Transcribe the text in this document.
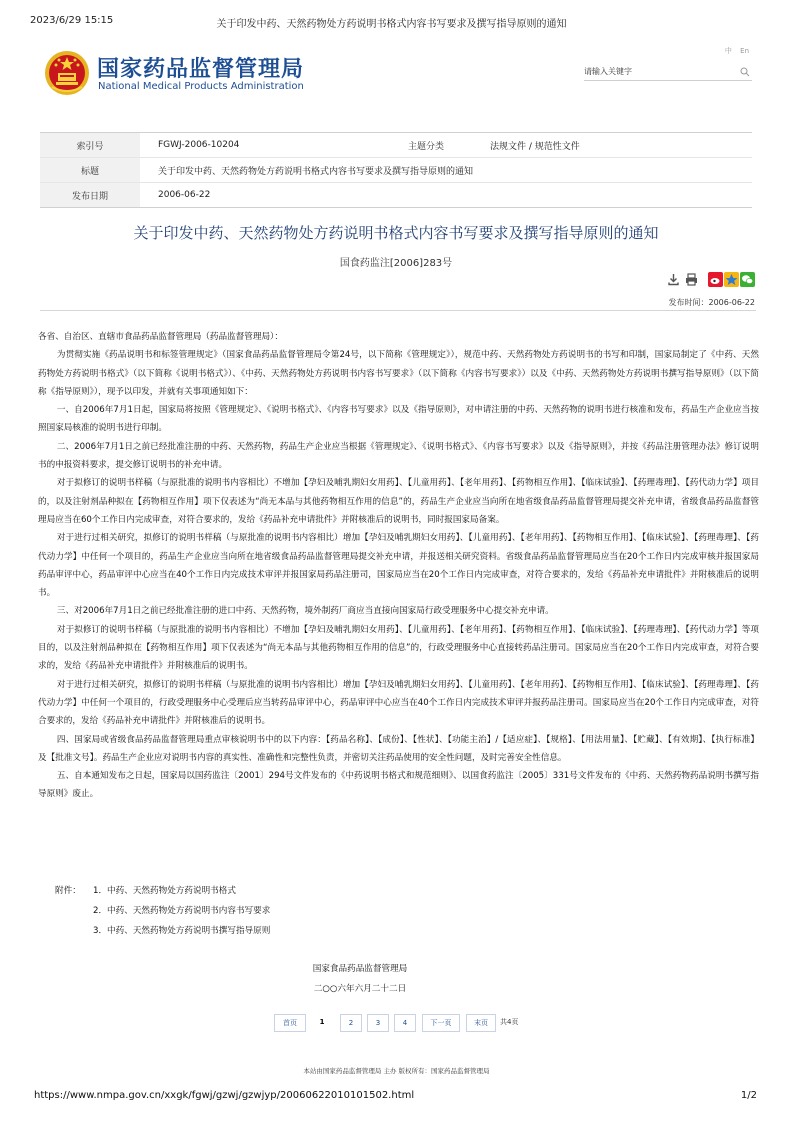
2023/6/29 15:15	关于印发中药、天然药物处方药说明书格式内容书写要求及撰写指导原则的通知
国家药品监督管理局
National Medical Products Administration
中 En
请输入关键字
索引号	FGWJ-2006-10204	主题分类	法规文件 / 规范性文件
标题	关于印发中药、天然药物处方药说明书格式内容书写要求及撰写指导原则的通知		
发布日期	2006-06-22		
关于印发中药、天然药物处方药说明书格式内容书写要求及撰写指导原则的通知
国食药监注[2006]283号
发布时间：2006-06-22

各省、自治区、直辖市食品药品监督管理局（药品监督管理局）：

为贯彻实施《药品说明书和标签管理规定》（国家食品药品监督管理局令第24号，以下简称《管理规定》），规范中药、天然药物处方药说明书的书写和印制，国家局制定了《中药、天然药物处方药说明书格式》（以下简称《说明书格式》）、《中药、天然药物处方药说明书内容书写要求》（以下简称《内容书写要求》）以及《中药、天然药物处方药说明书撰写指导原则》（以下简称《指导原则》），现予以印发，并就有关事项通知如下：

一、自2006年7月1日起，国家局将按照《管理规定》、《说明书格式》、《内容书写要求》以及《指导原则》，对申请注册的中药、天然药物的说明书进行核准和发布，药品生产企业应当按照国家局核准的说明书进行印制。

二、2006年7月1日之前已经批准注册的中药、天然药物，药品生产企业应当根据《管理规定》、《说明书格式》、《内容书写要求》以及《指导原则》，并按《药品注册管理办法》修订说明书的申报资料要求，提交修订说明书的补充申请。

对于拟修订的说明书样稿（与原批准的说明书内容相比）不增加【孕妇及哺乳期妇女用药】、【儿童用药】、【老年用药】、【药物相互作用】、【临床试验】、【药理毒理】、【药代动力学】项目的，以及注射剂品种拟在【药物相互作用】项下仅表述为“尚无本品与其他药物相互作用的信息”的，药品生产企业应当向所在地省级食品药品监督管理局提交补充申请，省级食品药品监督管理局应当在60个工作日内完成审查，对符合要求的，发给《药品补充申请批件》并附核准后的说明书，同时报国家局备案。

对于进行过相关研究，拟修订的说明书样稿（与原批准的说明书内容相比）增加【孕妇及哺乳期妇女用药】、【儿童用药】、【老年用药】、【药物相互作用】、【临床试验】、【药理毒理】、【药代动力学】中任何一个项目的，药品生产企业应当向所在地省级食品药品监督管理局提交补充申请，并报送相关研究资料。省级食品药品监督管理局应当在20个工作日内完成审核并报国家局药品审评中心，药品审评中心应当在40个工作日内完成技术审评并报国家局药品注册司，国家局应当在20个工作日内完成审查，对符合要求的，发给《药品补充申请批件》并附核准后的说明书。

三、对2006年7月1日之前已经批准注册的进口中药、天然药物，境外制药厂商应当直接向国家局行政受理服务中心提交补充申请。

对于拟修订的说明书样稿（与原批准的说明书内容相比）不增加【孕妇及哺乳期妇女用药】、【儿童用药】、【老年用药】、【药物相互作用】、【临床试验】、【药理毒理】、【药代动力学】等项目的，以及注射剂品种拟在【药物相互作用】项下仅表述为“尚无本品与其他药物相互作用的信息”的，行政受理服务中心直接转药品注册司。国家局应当在20个工作日内完成审查，对符合要求的，发给《药品补充申请批件》并附核准后的说明书。

对于进行过相关研究，拟修订的说明书样稿（与原批准的说明书内容相比）增加【孕妇及哺乳期妇女用药】、【儿童用药】、【老年用药】、【药物相互作用】、【临床试验】、【药理毒理】、【药代动力学】中任何一个项目的，行政受理服务中心受理后应当转药品审评中心，药品审评中心应当在40个工作日内完成技术审评并报药品注册司。国家局应当在20个工作日内完成审查，对符合要求的，发给《药品补充申请批件》并附核准后的说明书。

四、国家局或省级食品药品监督管理局重点审核说明书中的以下内容：【药品名称】、【成份】、【性状】、【功能主治】/【适应症】、【规格】、【用法用量】、【贮藏】、【有效期】、【执行标准】及【批准文号】。药品生产企业应对说明书内容的真实性、准确性和完整性负责，并密切关注药品使用的安全性问题，及时完善安全性信息。

五、自本通知发布之日起，国家局以国药监注〔2001〕294号文件发布的《中药说明书格式和规范细则》、以国食药监注〔2005〕331号文件发布的《中药、天然药物药品说明书撰写指导原则》废止。

附件： 1．中药、天然药物处方药说明书格式
2．中药、天然药物处方药说明书内容书写要求
3．中药、天然药物处方药说明书撰写指导原则
国家食品药品监督管理局
二○○六年六月二十二日
首页	1	2	3	4	下一页	末页	共4页
本站由国家药品监督管理局 主办 版权所有：国家药品监督管理局
https://www.nmpa.gov.cn/xxgk/fgwj/gzwj/gzwjyp/20060622010101502.html	1/2
